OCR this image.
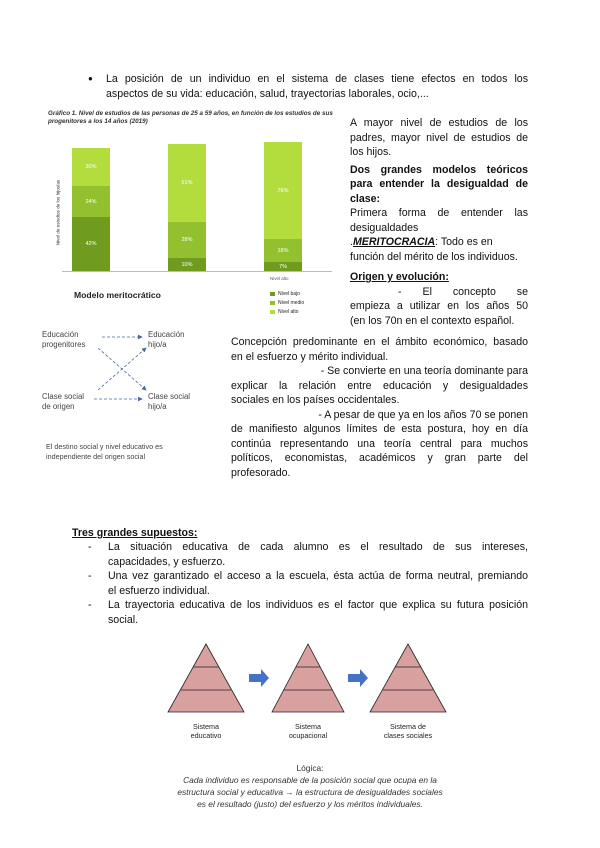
●	La posición de un individuo en el sistema de clases tiene efectos en todos los
aspectos de su vida: educación, salud, trayectorias laborales, ocio,...
Gráfico 1. Nivel de estudios de las personas de 25 a 59 años, en función de los estudios de sus progenitores a los 14 años (2019)
Nivel de estudios de los hijos/as	42%
24%
30%
10%
28%
61%
7%
18%
76%
Nivel alto
Nivel bajo
Nivel medio
Nivel alto
A mayor nivel de estudios de los
padres, mayor nivel de estudios de
los hijos.
Dos grandes modelos teóricos
para entender la desigualdad de
clase:
Primera forma de entender las
desigualdades
.MERITOCRACIA: Todo es en
función del mérito de los individuos.
Origen y evolución:
- El concepto se
empieza a utilizar en los años 50
(en los 70n en el contexto español.
Modelo meritocrático
Educación
progenitores
Educación
hijo/a
Clase social
de origen
Clase social
hijo/a
El destino social y nivel educativo es
independiente del origen social
Concepción predominante en el ámbito económico, basado
en el esfuerzo y mérito individual.
- Se convierte en una teoría dominante para
explicar la relación entre educación y desigualdades
sociales en los países occidentales.
- A pesar de que ya en los años 70 se ponen
de manifiesto algunos límites de esta postura, hoy en día
continúa representando una teoría central para muchos
políticos, economistas, académicos y gran parte del
profesorado.
Tres grandes supuestos:
-	La situación educativa de cada alumno es el resultado de sus intereses,
capacidades, y esfuerzo.
-	Una vez garantizado el acceso a la escuela, ésta actúa de forma neutral, premiando
el esfuerzo individual.
-	La trayectoria educativa de los individuos es el factor que explica su futura posición
social.
Sistema
educativo
Sistema
ocupacional
Sistema de
clases sociales
Lógica:
Cada individuo es responsable de la posición social que ocupa en la
estructura social y educativa → la estructura de desigualdades sociales
es el resultado (justo) del esfuerzo y los méritos individuales.
